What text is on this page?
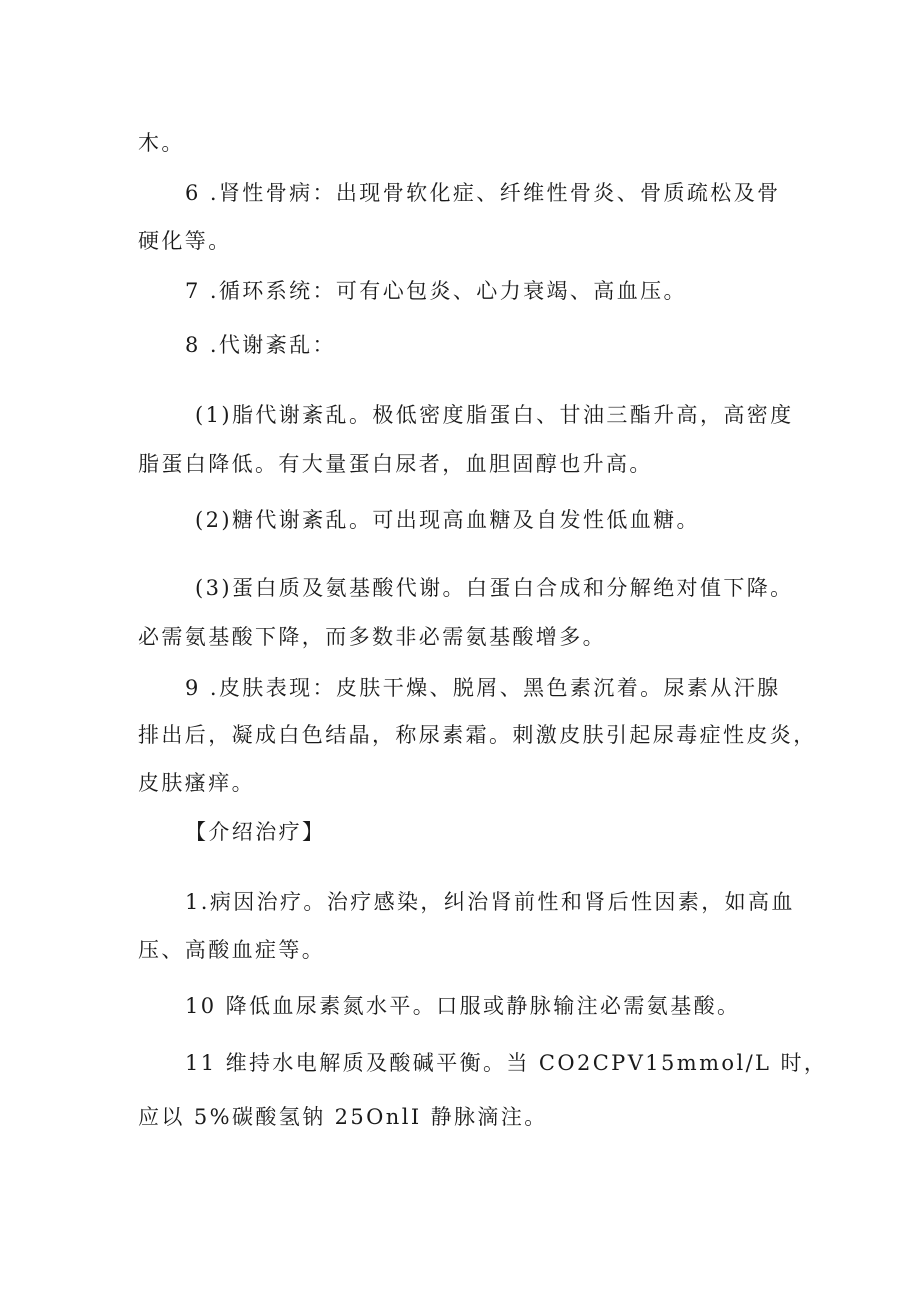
木。
6 .肾性骨病：出现骨软化症、纤维性骨炎、骨质疏松及骨
硬化等。
7 .循环系统：可有心包炎、心力衰竭、高血压。
8 .代谢紊乱：
(1)脂代谢紊乱。极低密度脂蛋白、甘油三酯升高，高密度
脂蛋白降低。有大量蛋白尿者，血胆固醇也升高。
(2)糖代谢紊乱。可出现高血糖及自发性低血糖。
(3)蛋白质及氨基酸代谢。白蛋白合成和分解绝对值下降。
必需氨基酸下降，而多数非必需氨基酸增多。
9 .皮肤表现：皮肤干燥、脱屑、黑色素沉着。尿素从汗腺
排出后，凝成白色结晶，称尿素霜。刺激皮肤引起尿毒症性皮炎，
皮肤瘙痒。
【介绍治疗】
1.病因治疗。治疗感染，纠治肾前性和肾后性因素，如高血
压、高酸血症等。
10 降低血尿素氮水平。口服或静脉输注必需氨基酸。
11 维持水电解质及酸碱平衡。当 CO2CPV15mmol/L 时，
应以 5%碳酸氢钠 25OnlI 静脉滴注。
